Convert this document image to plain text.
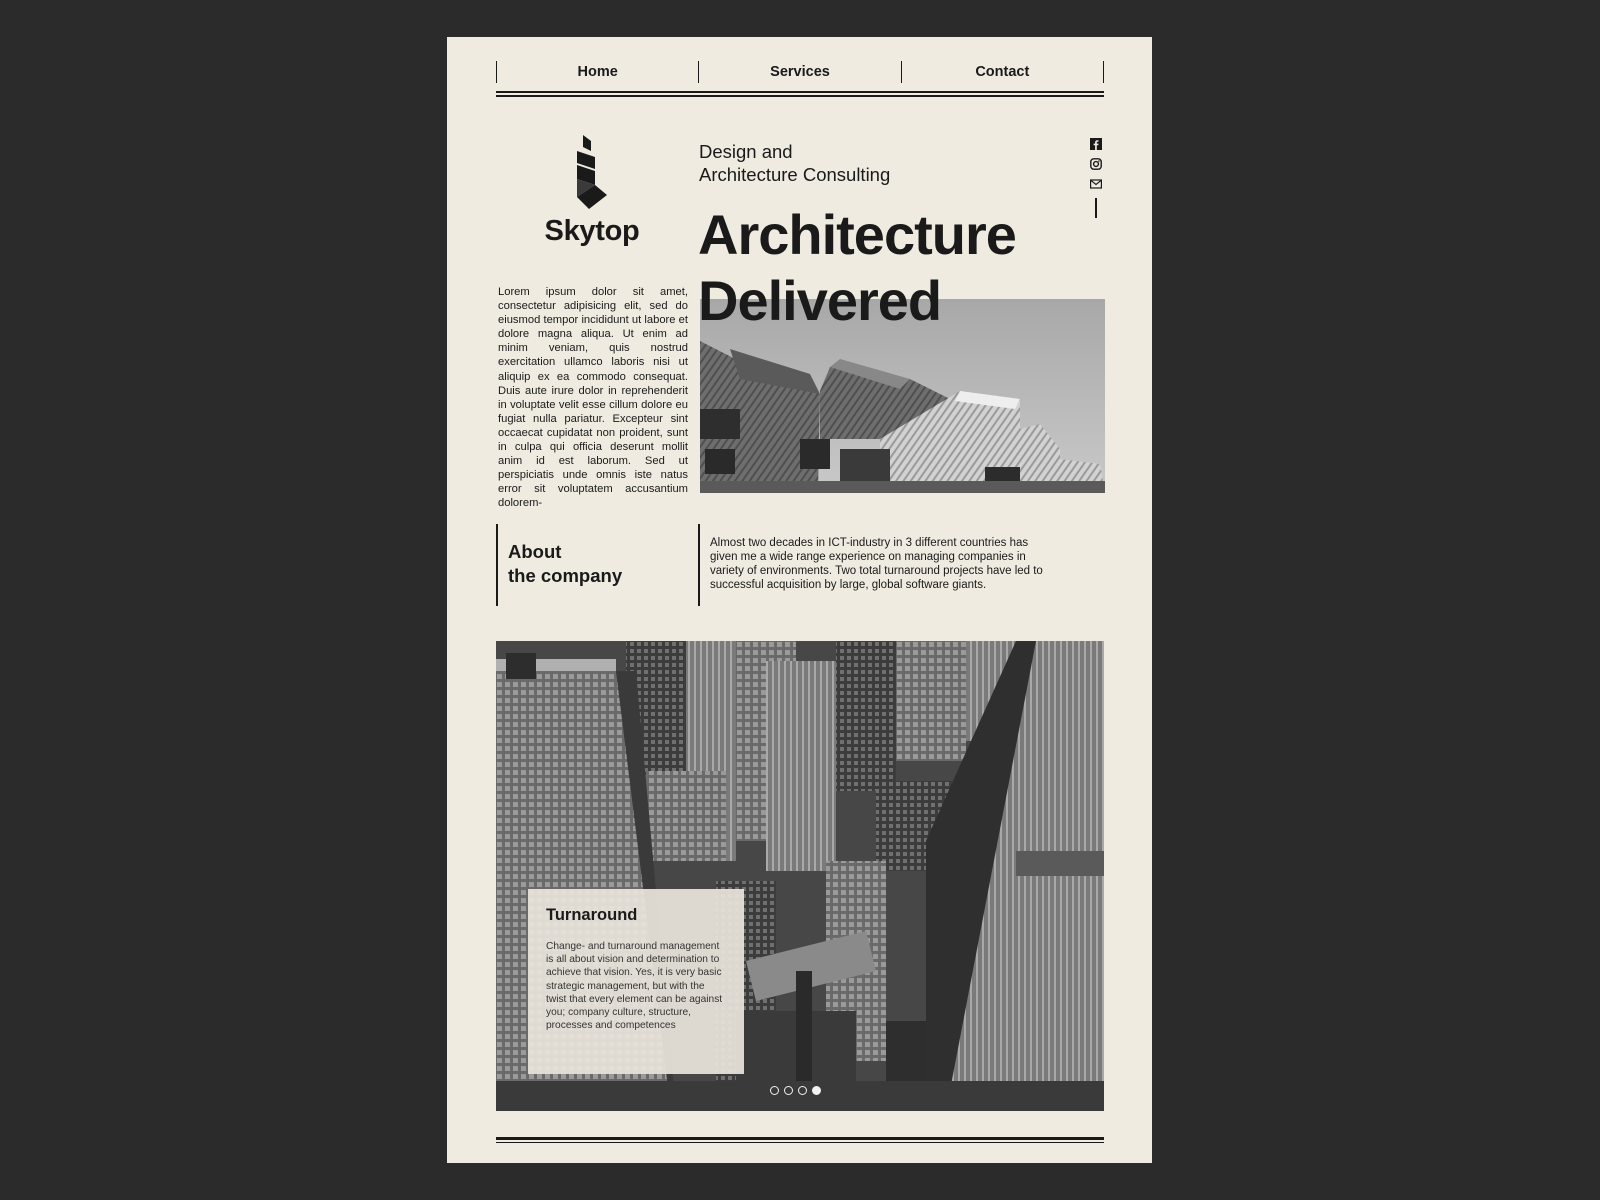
Home	Services	Contact
Skytop
Design and
Architecture Consulting
Architecture
Delivered
Lorem ipsum dolor sit amet, consectetur adipisicing elit, sed do eiusmod tempor incididunt ut labore et dolore magna aliqua. Ut enim ad minim veniam, quis nostrud exercitation ullamco laboris nisi ut aliquip ex ea commodo consequat. Duis aute irure dolor in reprehenderit in voluptate velit esse cillum dolore eu fugiat nulla pariatur. Excepteur sint occaecat cupidatat non proident, sunt in culpa qui officia deserunt mollit anim id est laborum. Sed ut perspiciatis unde omnis iste natus error sit voluptatem accusantium dolorem-
About
the company
Almost two decades in ICT-industry in 3 different countries has given me a wide range experience on managing companies in variety of environments. Two total turnaround projects have led to successful acquisition by large, global software giants.
Turnaround
Change- and turnaround management is all about vision and determination to achieve that vision. Yes, it is very basic strategic management, but with the twist that every element can be against you; company culture, structure, processes and competences
